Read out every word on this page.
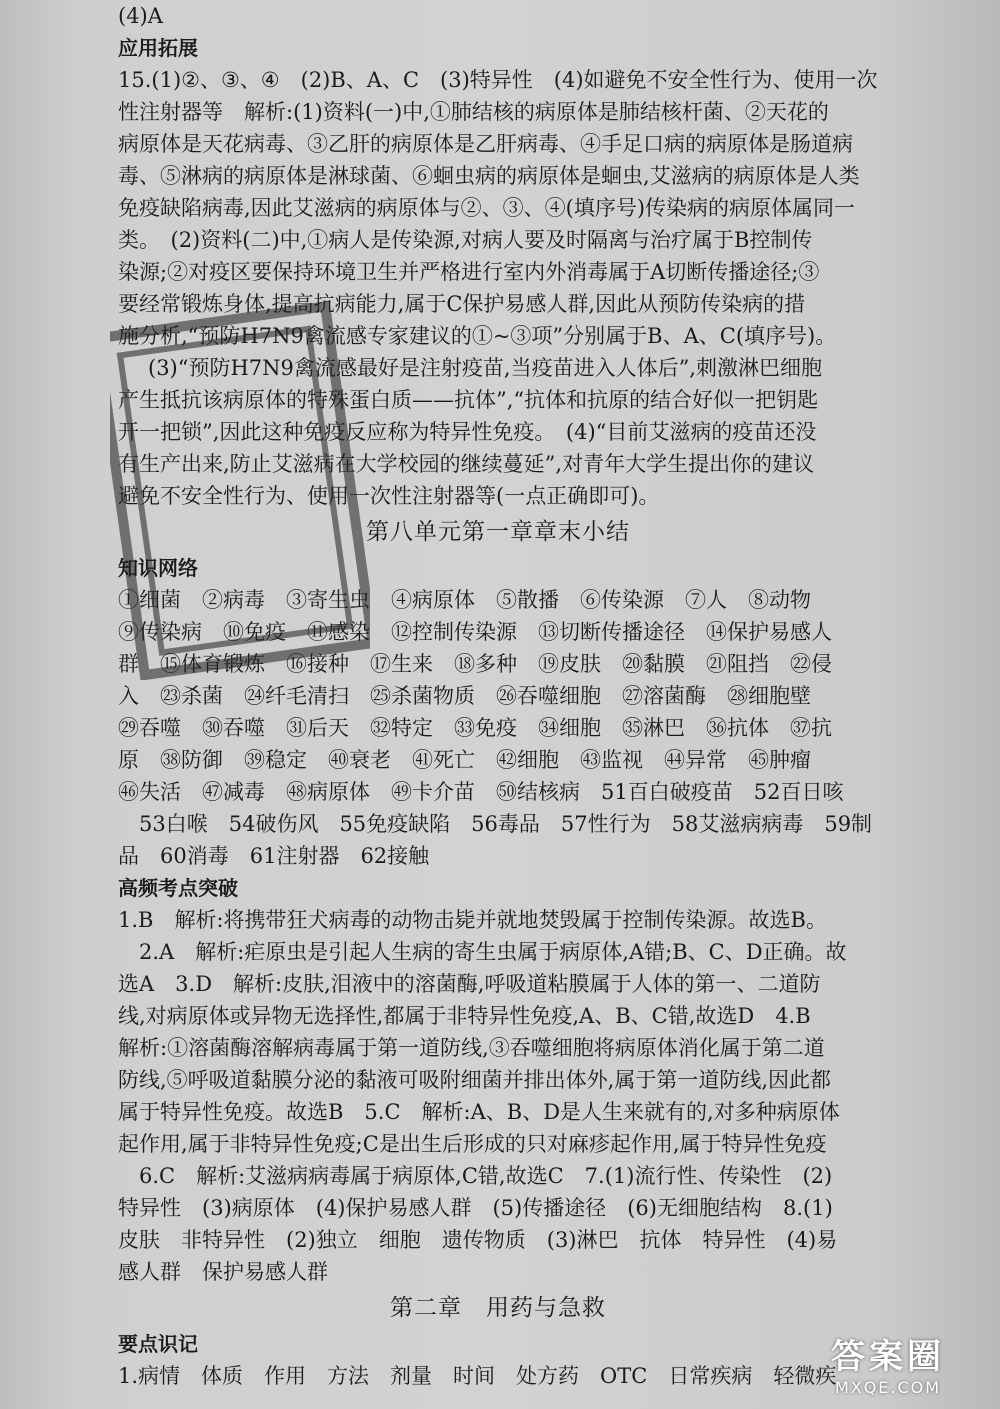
(4)A
应用拓展
15.(1)②、③、④　(2)B、A、C　(3)特异性　(4)如避免不安全性行为、使用一次
性注射器等　解析:(1)资料(一)中,①肺结核的病原体是肺结核杆菌、②天花的
病原体是天花病毒、③乙肝的病原体是乙肝病毒、④手足口病的病原体是肠道病
毒、⑤淋病的病原体是淋球菌、⑥蛔虫病的病原体是蛔虫,艾滋病的病原体是人类
免疫缺陷病毒,因此艾滋病的病原体与②、③、④(填序号)传染病的病原体属同一
类。　(2)资料(二)中,①病人是传染源,对病人要及时隔离与治疗属于B控制传
染源;②对疫区要保持环境卫生并严格进行室内外消毒属于A切断传播途径;③
要经常锻炼身体,提高抗病能力,属于C保护易感人群,因此从预防传染病的措
施分析,“预防H7N9禽流感专家建议的①~③项”分别属于B、A、C(填序号)。
(3)“预防H7N9禽流感最好是注射疫苗,当疫苗进入人体后”,刺激淋巴细胞
产生抵抗该病原体的特殊蛋白质——抗体”,“抗体和抗原的结合好似一把钥匙
开一把锁”,因此这种免疫反应称为特异性免疫。　(4)“目前艾滋病的疫苗还没
有生产出来,防止艾滋病在大学校园的继续蔓延”,对青年大学生提出你的建议
避免不安全性行为、使用一次性注射器等(一点正确即可)。
第八单元第一章章末小结
知识网络
①细菌　②病毒　③寄生虫　④病原体　⑤散播　⑥传染源　⑦人　⑧动物
⑨传染病　⑩免疫　⑪感染　⑫控制传染源　⑬切断传播途径　⑭保护易感人
群　⑮体育锻炼　⑯接种　⑰生来　⑱多种　⑲皮肤　⑳黏膜　㉑阻挡　㉒侵
入　㉓杀菌　㉔纤毛清扫　㉕杀菌物质　㉖吞噬细胞　㉗溶菌酶　㉘细胞壁
㉙吞噬　㉚吞噬　㉛后天　㉜特定　㉝免疫　㉞细胞　㉟淋巴　㊱抗体　㊲抗
原　㊳防御　㊴稳定　㊵衰老　㊶死亡　㊷细胞　㊸监视　㊹异常　㊺肿瘤
㊻失活　㊼减毒　㊽病原体　㊾卡介苗　㊿结核病　51百白破疫苗　52百日咳
　53白喉　54破伤风　55免疫缺陷　56毒品　57性行为　58艾滋病病毒　59制
品　60消毒　61注射器　62接触
高频考点突破
1.B　解析:将携带狂犬病毒的动物击毙并就地焚毁属于控制传染源。故选B。
　2.A　解析:疟原虫是引起人生病的寄生虫属于病原体,A错;B、C、D正确。故
选A　3.D　解析:皮肤,泪液中的溶菌酶,呼吸道粘膜属于人体的第一、二道防
线,对病原体或异物无选择性,都属于非特异性免疫,A、B、C错,故选D　4.B
解析:①溶菌酶溶解病毒属于第一道防线,③吞噬细胞将病原体消化属于第二道
防线,⑤呼吸道黏膜分泌的黏液可吸附细菌并排出体外,属于第一道防线,因此都
属于特异性免疫。故选B　5.C　解析:A、B、D是人生来就有的,对多种病原体
起作用,属于非特异性免疫;C是出生后形成的只对麻疹起作用,属于特异性免疫
　6.C　解析:艾滋病病毒属于病原体,C错,故选C　7.(1)流行性、传染性　(2)
特异性　(3)病原体　(4)保护易感人群　(5)传播途径　(6)无细胞结构　8.(1)
皮肤　非特异性　(2)独立　细胞　遗传物质　(3)淋巴　抗体　特异性　(4)易
感人群　保护易感人群
第二章　用药与急救
要点识记
1.病情　体质　作用　方法　剂量　时间　处方药　OTC　日常疾病　轻微疾
答案圈
MXQE.COM
